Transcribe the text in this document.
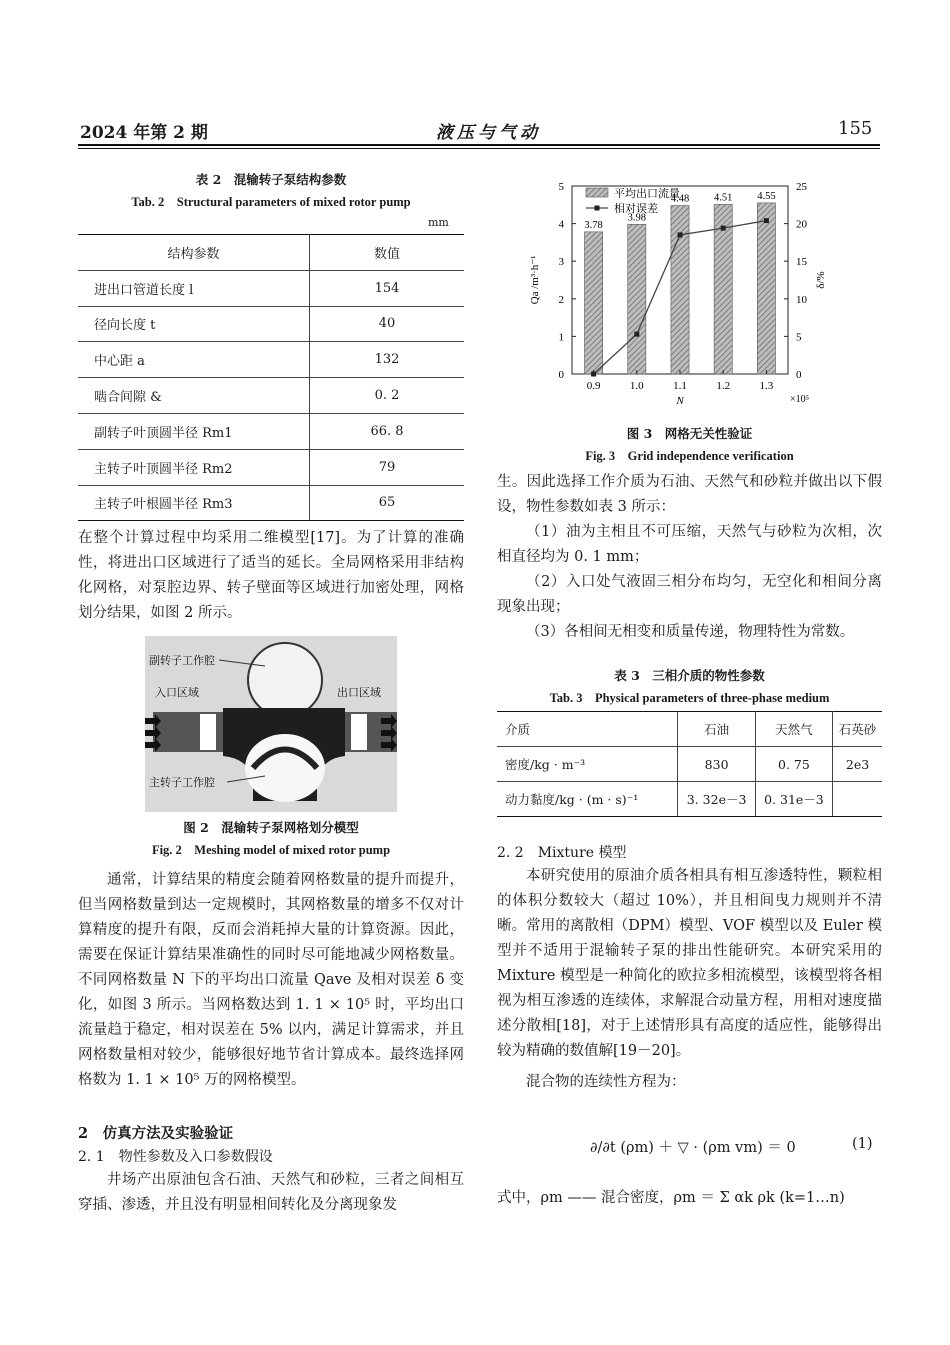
2024 年第 2 期	液压与气动	155
表 2　混输转子泵结构参数
Tab. 2　Structural parameters of mixed rotor pump
mm
结构参数	数值
进出口管道长度 l	154
径向长度 t	40
中心距 a	132
啮合间隙 &	0. 2
副转子叶顶圆半径 Rm1	66. 8
主转子叶顶圆半径 Rm2	79
主转子叶根圆半径 Rm3	65

在整个计算过程中均采用二维模型[17]。为了计算的准确性，将进出口区域进行了适当的延长。全局网格采用非结构化网格，对泵腔边界、转子壁面等区域进行加密处理，网格划分结果，如图 2 所示。

副转子工作腔
入口区域	出口区域
主转子工作腔
图 2　混输转子泵网格划分模型
Fig. 2　Meshing model of mixed rotor pump

通常，计算结果的精度会随着网格数量的提升而提升，但当网格数量到达一定规模时，其网格数量的增多不仅对计算精度的提升有限，反而会消耗掉大量的计算资源。因此，需要在保证计算结果准确性的同时尽可能地减少网格数量。不同网格数量 N 下的平均出口流量 Qave 及相对误差 δ 变化，如图 3 所示。当网格数达到 1. 1 × 10⁵ 时，平均出口流量趋于稳定，相对误差在 5% 以内，满足计算需求，并且网格数量相对较少，能够很好地节省计算成本。最终选择网格数为 1. 1 × 10⁵ 万的网格模型。

2　仿真方法及实验验证
2. 1　物性参数及入口参数假设

井场产出原油包含石油、天然气和砂粒，三者之间相互穿插、渗透，并且没有明显相间转化及分离现象发

0
1
2
3
4
5
0
5
10
15
20
25
3.78
3.98
4.48 4.51 4.55
0.9	1.0	1.1	1.2	1.3
N	×10⁵
Qa /m³·h⁻¹	δ/%
平均出口流量
相对误差
图 3　网格无关性验证
Fig. 3　Grid independence verification

生。因此选择工作介质为石油、天然气和砂粒并做出以下假设，物性参数如表 3 所示：

（1）油为主相且不可压缩，天然气与砂粒为次相，次相直径均为 0. 1 mm；

（2）入口处气液固三相分布均匀，无空化和相间分离现象出现；

（3）各相间无相变和质量传递，物理特性为常数。

表 3　三相介质的物性参数
Tab. 3　Physical parameters of three-phase medium
介质	石油	天然气	石英砂
密度/kg · m⁻³	830	0. 75	2e3
动力黏度/kg · (m · s)⁻¹	3. 32e－3	0. 31e－3	
2. 2　Mixture 模型

本研究使用的原油介质各相具有相互渗透特性，颗粒相的体积分数较大（超过 10%），并且相间曳力规则并不清晰。常用的离散相（DPM）模型、VOF 模型以及 Euler 模型并不适用于混输转子泵的排出性能研究。本研究采用的 Mixture 模型是一种简化的欧拉多相流模型，该模型将各相视为相互渗透的连续体，求解混合动量方程，用相对速度描述分散相[18]，对于上述情形具有高度的适应性，能够得出较为精确的数值解[19－20]。

混合物的连续性方程为：

∂/∂t (ρm) ＋ ▽ · (ρm vm) ＝ 0	(1)
式中，ρm —— 混合密度，ρm ＝ Σ αk ρk (k=1…n)
